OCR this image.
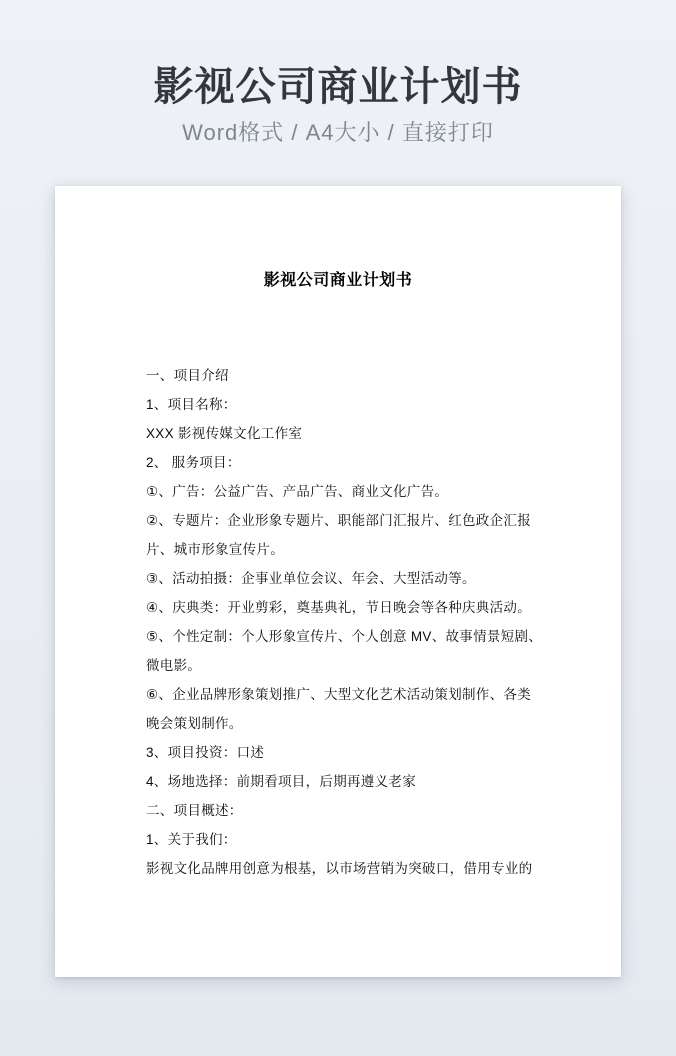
影视公司商业计划书
Word格式 / A4大小 / 直接打印
影视公司商业计划书
一、项目介绍
1、项目名称：
XXX 影视传媒文化工作室
2、 服务项目：
①、广告：公益广告、产品广告、商业文化广告。
②、专题片：企业形象专题片、职能部门汇报片、红色政企汇报
片、城市形象宣传片。
③、活动拍摄：企事业单位会议、年会、大型活动等。
④、庆典类：开业剪彩，奠基典礼，节日晚会等各种庆典活动。
⑤、个性定制：个人形象宣传片、个人创意 MV、故事情景短剧、
微电影。
⑥、企业品牌形象策划推广、大型文化艺术活动策划制作、各类
晚会策划制作。
3、项目投资：口述
4、场地选择：前期看项目，后期再遵义老家
二、项目概述：
1、关于我们：
影视文化品牌用创意为根基，以市场营销为突破口，借用专业的
